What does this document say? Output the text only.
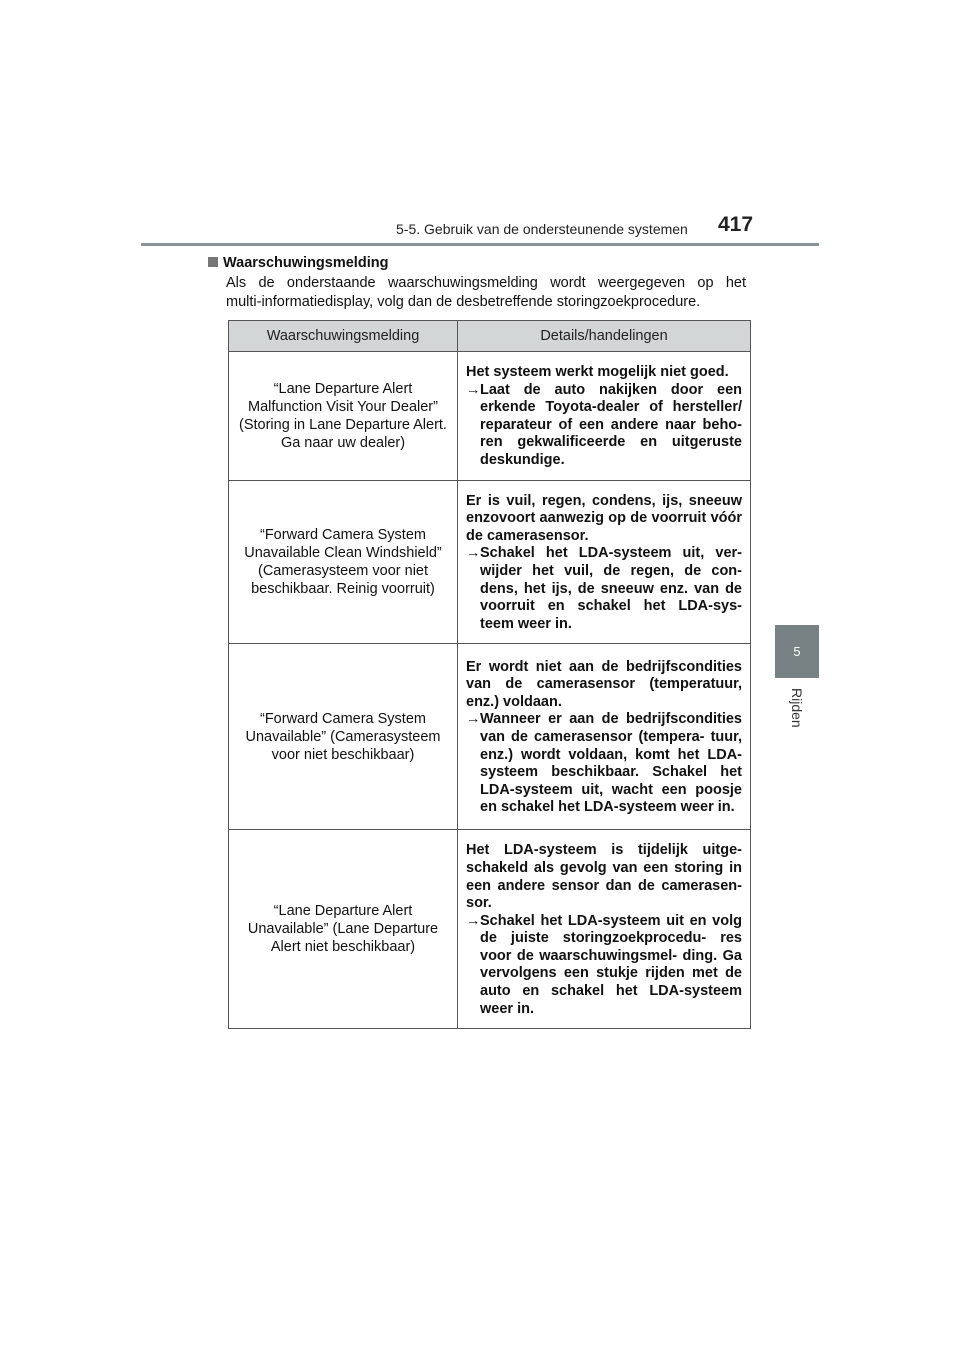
5-5. Gebruik van de ondersteunende systemen 417
5
Rijden
Waarschuwingsmelding
Als de onderstaande waarschuwingsmelding wordt weergegeven op het
multi-informatiedisplay, volg dan de desbetreffende storingzoekprocedure.
Waarschuwingsmelding	Details/handelingen
“Lane Departure Alert Malfunction Visit Your Dealer” (Storing in Lane Departure Alert. Ga naar uw dealer)	Het systeem werkt mogelijk niet goed.
→ Laat de auto nakijken door een erkende Toyota-dealer of hersteller/ reparateur of een andere naar beho- ren gekwalificeerde en uitgeruste deskundige.

“Forward Camera System Unavailable Clean Windshield” (Camerasysteem voor niet beschikbaar. Reinig voorruit)	Er is vuil, regen, condens, ijs, sneeuw enzovoort aanwezig op de voorruit vóór de camerasensor.
→ Schakel het LDA-systeem uit, ver- wijder het vuil, de regen, de con- dens, het ijs, de sneeuw enz. van de voorruit en schakel het LDA-sys- teem weer in.

“Forward Camera System Unavailable” (Camerasysteem voor niet beschikbaar)	Er wordt niet aan de bedrijfscondities van de camerasensor (temperatuur, enz.) voldaan.
→ Wanneer er aan de bedrijfscondities van de camerasensor (tempera- tuur, enz.) wordt voldaan, komt het LDA-systeem beschikbaar. Schakel het LDA-systeem uit, wacht een poosje en schakel het LDA-systeem weer in.

“Lane Departure Alert Unavailable” (Lane Departure Alert niet beschikbaar)	Het LDA-systeem is tijdelijk uitge- schakeld als gevolg van een storing in een andere sensor dan de camerasen- sor.
→ Schakel het LDA-systeem uit en volg de juiste storingzoekprocedu- res voor de waarschuwingsmel- ding. Ga vervolgens een stukje rijden met de auto en schakel het LDA-systeem weer in.
